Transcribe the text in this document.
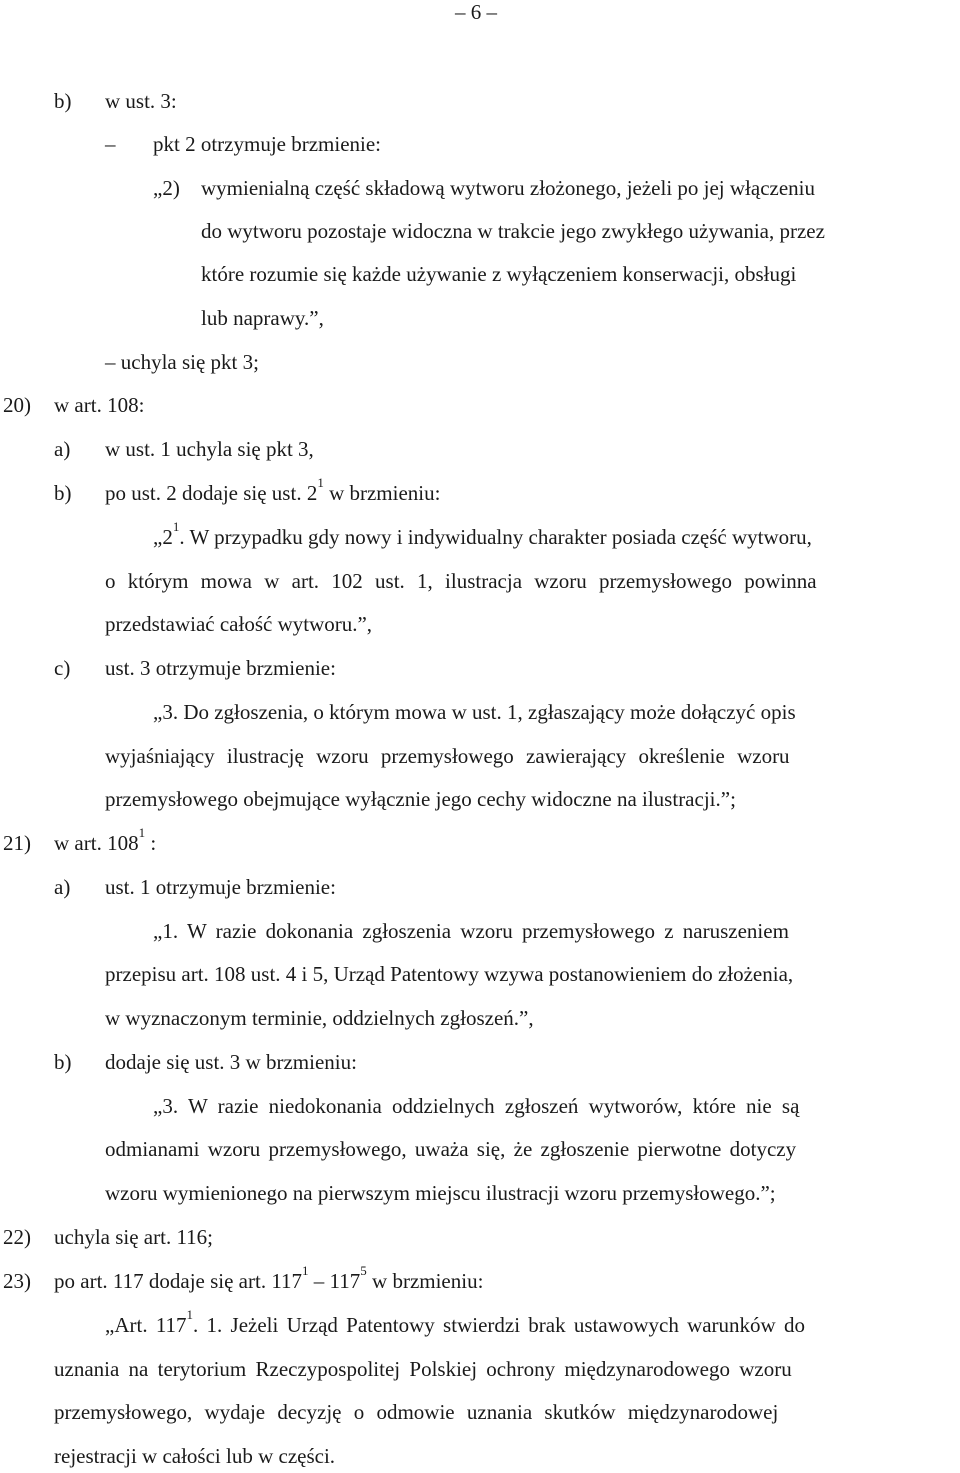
– 6 –
b) w ust. 3:
– pkt 2 otrzymuje brzmienie:
„2) wymienialną część składową wytworu złożonego, jeżeli po jej włączeniu
do wytworu pozostaje widoczna w trakcie jego zwykłego używania, przez
które rozumie się każde używanie z wyłączeniem konserwacji, obsługi
lub naprawy.”,
– uchyla się pkt 3;
20) w art. 108:
a) w ust. 1 uchyla się pkt 3,
b) po ust. 2 dodaje się ust. $2^1$ w brzmieniu:
$„2^1$. W przypadku gdy nowy i indywidualny charakter posiada część wytworu,
o którym mowa w art. 102 ust. 1, ilustracja wzoru przemysłowego powinna
przedstawiać całość wytworu.”,
c) ust. 3 otrzymuje brzmienie:
„3. Do zgłoszenia, o którym mowa w ust. 1, zgłaszający może dołączyć opis
wyjaśniający ilustrację wzoru przemysłowego zawierający określenie wzoru
przemysłowego obejmujące wyłącznie jego cechy widoczne na ilustracji.”;
21) w art. $108^1$ :
a) ust. 1 otrzymuje brzmienie:
„1. W razie dokonania zgłoszenia wzoru przemysłowego z naruszeniem
przepisu art. 108 ust. 4 i 5, Urząd Patentowy wzywa postanowieniem do złożenia,
w wyznaczonym terminie, oddzielnych zgłoszeń.”,
b) dodaje się ust. 3 w brzmieniu:
„3. W razie niedokonania oddzielnych zgłoszeń wytworów, które nie są
odmianami wzoru przemysłowego, uważa się, że zgłoszenie pierwotne dotyczy
wzoru wymienionego na pierwszym miejscu ilustracji wzoru przemysłowego.”;
22) uchyla się art. 116;
23) po art. 117 dodaje się art. $117^1 - 117^5$ w brzmieniu:
„Art. $117^1$. 1. Jeżeli Urząd Patentowy stwierdzi brak ustawowych warunków do
uznania na terytorium Rzeczypospolitej Polskiej ochrony międzynarodowego wzoru
przemysłowego, wydaje decyzję o odmowie uznania skutków międzynarodowej
rejestracji w całości lub w części.
